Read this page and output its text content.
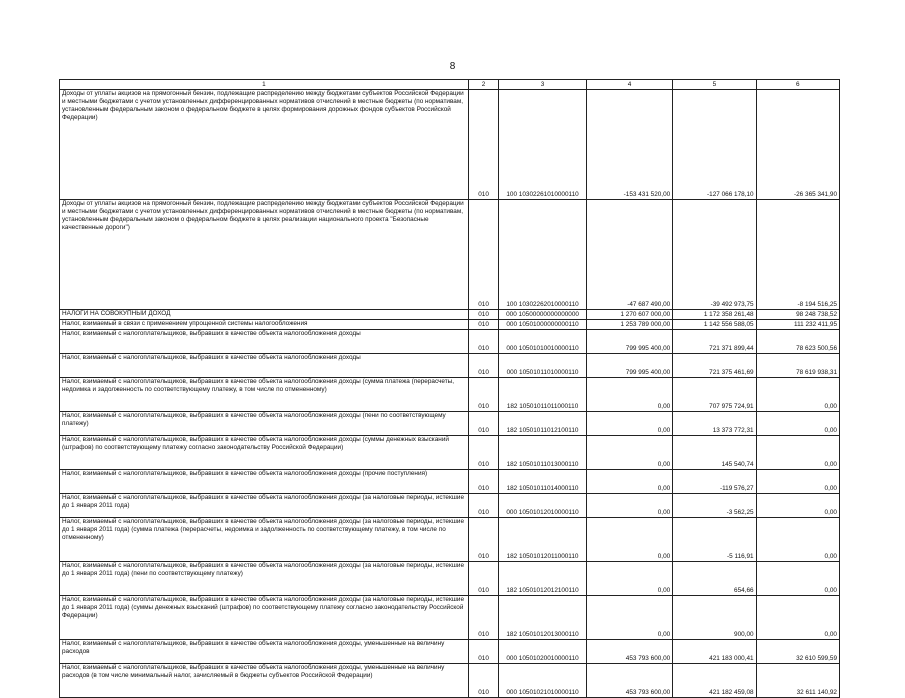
8
1	2	3	4	5	6
Доходы от уплаты акцизов на прямогонный бензин, подлежащие распределению между бюджетами субъектов Российской Федерации и местными бюджетами с учетом установленных дифференцированных нормативов отчислений в местные бюджеты (по нормативам, установленным федеральным законом о федеральном бюджете в целях формирования дорожных фондов субъектов Российской Федерации)	010	100 10302261010000110	-153 431 520,00	-127 066 178,10	-26 365 341,90
Доходы от уплаты акцизов на прямогонный бензин, подлежащие распределению между бюджетами субъектов Российской Федерации и местными бюджетами с учетом установленных дифференцированных нормативов отчислений в местные бюджеты (по нормативам, установленным федеральным законом о федеральном бюджете в целях реализации национального проекта "Безопасные качественные дороги")	010	100 10302262010000110	-47 687 490,00	-39 492 973,75	-8 194 516,25
НАЛОГИ НА СОВОКУПНЫЙ ДОХОД	010	000 10500000000000000	1 270 607 000,00	1 172 358 261,48	98 248 738,52
Налог, взимаемый в связи с применением упрощенной системы налогообложения	010	000 10501000000000110	1 253 789 000,00	1 142 556 588,05	111 232 411,95
Налог, взимаемый с налогоплательщиков, выбравших в качестве объекта налогообложения доходы	010	000 10501010010000110	799 995 400,00	721 371 899,44	78 623 500,56
Налог, взимаемый с налогоплательщиков, выбравших в качестве объекта налогообложения доходы	010	000 10501011010000110	799 995 400,00	721 375 461,69	78 619 938,31
Налог, взимаемый с налогоплательщиков, выбравших в качестве объекта налогообложения доходы (сумма платежа (перерасчеты, недоимка и задолженность по соответствующему платежу, в том числе по отмененному)	010	182 10501011011000110	0,00	707 975 724,91	0,00
Налог, взимаемый с налогоплательщиков, выбравших в качестве объекта налогообложения доходы (пени по соответствующему платежу)	010	182 10501011012100110	0,00	13 373 772,31	0,00
Налог, взимаемый с налогоплательщиков, выбравших в качестве объекта налогообложения доходы (суммы денежных взысканий (штрафов) по соответствующему платежу согласно законодательству Российской Федерации)	010	182 10501011013000110	0,00	145 540,74	0,00
Налог, взимаемый с налогоплательщиков, выбравших в качестве объекта налогообложения доходы (прочие поступления)	010	182 10501011014000110	0,00	-119 576,27	0,00
Налог, взимаемый с налогоплательщиков, выбравших в качестве объекта налогообложения доходы (за налоговые периоды, истекшие до 1 января 2011 года)	010	000 10501012010000110	0,00	-3 562,25	0,00
Налог, взимаемый с налогоплательщиков, выбравших в качестве объекта налогообложения доходы (за налоговые периоды, истекшие до 1 января 2011 года) (сумма платежа (перерасчеты, недоимка и задолженность по соответствующему платежу, в том числе по отмененному)	010	182 10501012011000110	0,00	-5 116,91	0,00
Налог, взимаемый с налогоплательщиков, выбравших в качестве объекта налогообложения доходы (за налоговые периоды, истекшие до 1 января 2011 года) (пени по соответствующему платежу)	010	182 10501012012100110	0,00	654,66	0,00
Налог, взимаемый с налогоплательщиков, выбравших в качестве объекта налогообложения доходы (за налоговые периоды, истекшие до 1 января 2011 года) (суммы денежных взысканий (штрафов) по соответствующему платежу согласно законодательству Российской Федерации)	010	182 10501012013000110	0,00	900,00	0,00
Налог, взимаемый с налогоплательщиков, выбравших в качестве объекта налогообложения доходы, уменьшенные на величину расходов	010	000 10501020010000110	453 793 600,00	421 183 000,41	32 610 599,59
Налог, взимаемый с налогоплательщиков, выбравших в качестве объекта налогообложения доходы, уменьшенные на величину расходов (в том числе минимальный налог, зачисляемый в бюджеты субъектов Российской Федерации)	010	000 10501021010000110	453 793 600,00	421 182 459,08	32 611 140,92
